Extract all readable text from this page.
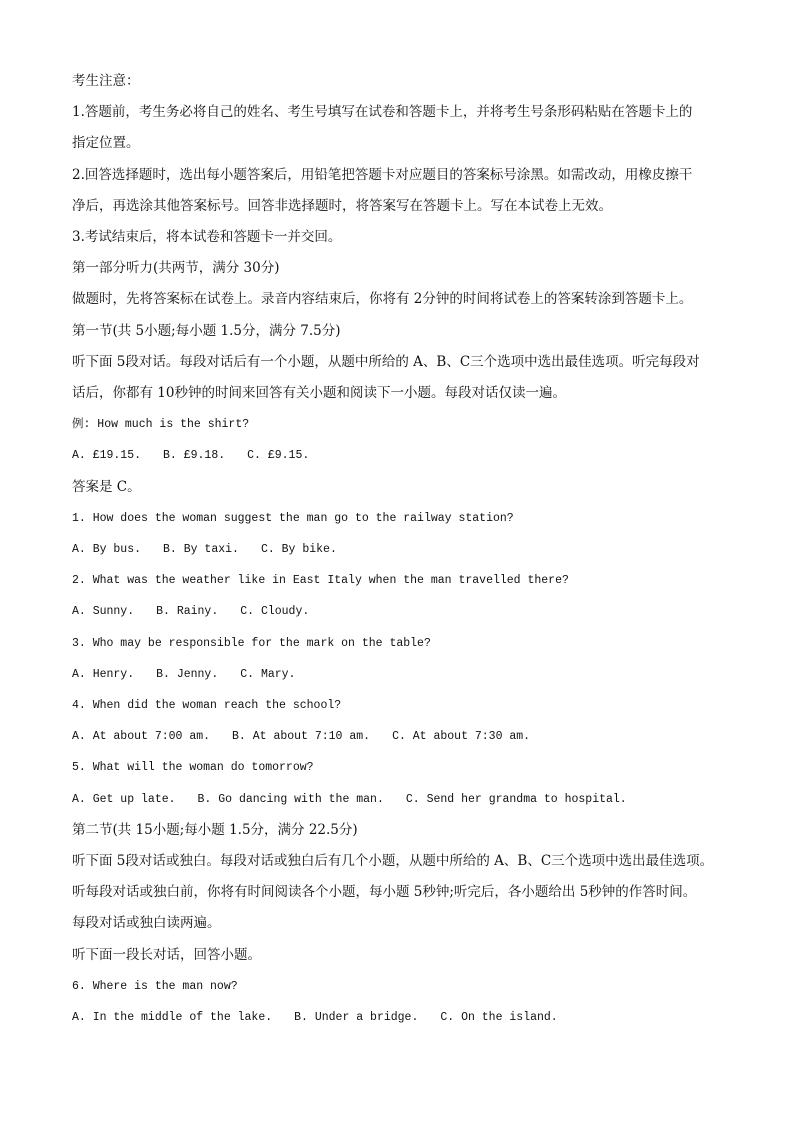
考生注意：

1.答题前，考生务必将自己的姓名、考生号填写在试卷和答题卡上，并将考生号条形码粘贴在答题卡上的

指定位置。

2.回答选择题时，选出每小题答案后，用铅笔把答题卡对应题目的答案标号涂黑。如需改动，用橡皮擦干

净后，再选涂其他答案标号。回答非选择题时，将答案写在答题卡上。写在本试卷上无效。

3.考试结束后，将本试卷和答题卡一并交回。

第一部分听力(共两节，满分 30分)

做题时，先将答案标在试卷上。录音内容结束后，你将有 2分钟的时间将试卷上的答案转涂到答题卡上。

第一节(共 5小题;每小题 1.5分，满分 7.5分)

听下面 5段对话。每段对话后有一个小题，从题中所给的 A、B、C三个选项中选出最佳选项。听完每段对

话后，你都有 10秒钟的时间来回答有关小题和阅读下一小题。每段对话仅读一遍。

例: How much is the shirt?

A. £19.15. B. £9.18. C. £9.15.

答案是 C。

1. How does the woman suggest the man go to the railway station?

A. By bus. B. By taxi. C. By bike.

2. What was the weather like in East Italy when the man travelled there?

A. Sunny. B. Rainy. C. Cloudy.

3. Who may be responsible for the mark on the table?

A. Henry. B. Jenny. C. Mary.

4. When did the woman reach the school?

A. At about 7:00 am. B. At about 7:10 am. C. At about 7:30 am.

5. What will the woman do tomorrow?

A. Get up late. B. Go dancing with the man. C. Send her grandma to hospital.

第二节(共 15小题;每小题 1.5分，满分 22.5分)

听下面 5段对话或独白。每段对话或独白后有几个小题，从题中所给的 A、B、C三个选项中选出最佳选项。

听每段对话或独白前，你将有时间阅读各个小题，每小题 5秒钟;听完后，各小题给出 5秒钟的作答时间。

每段对话或独白读两遍。

听下面一段长对话，回答小题。

6. Where is the man now?

A. In the middle of the lake. B. Under a bridge. C. On the island.
